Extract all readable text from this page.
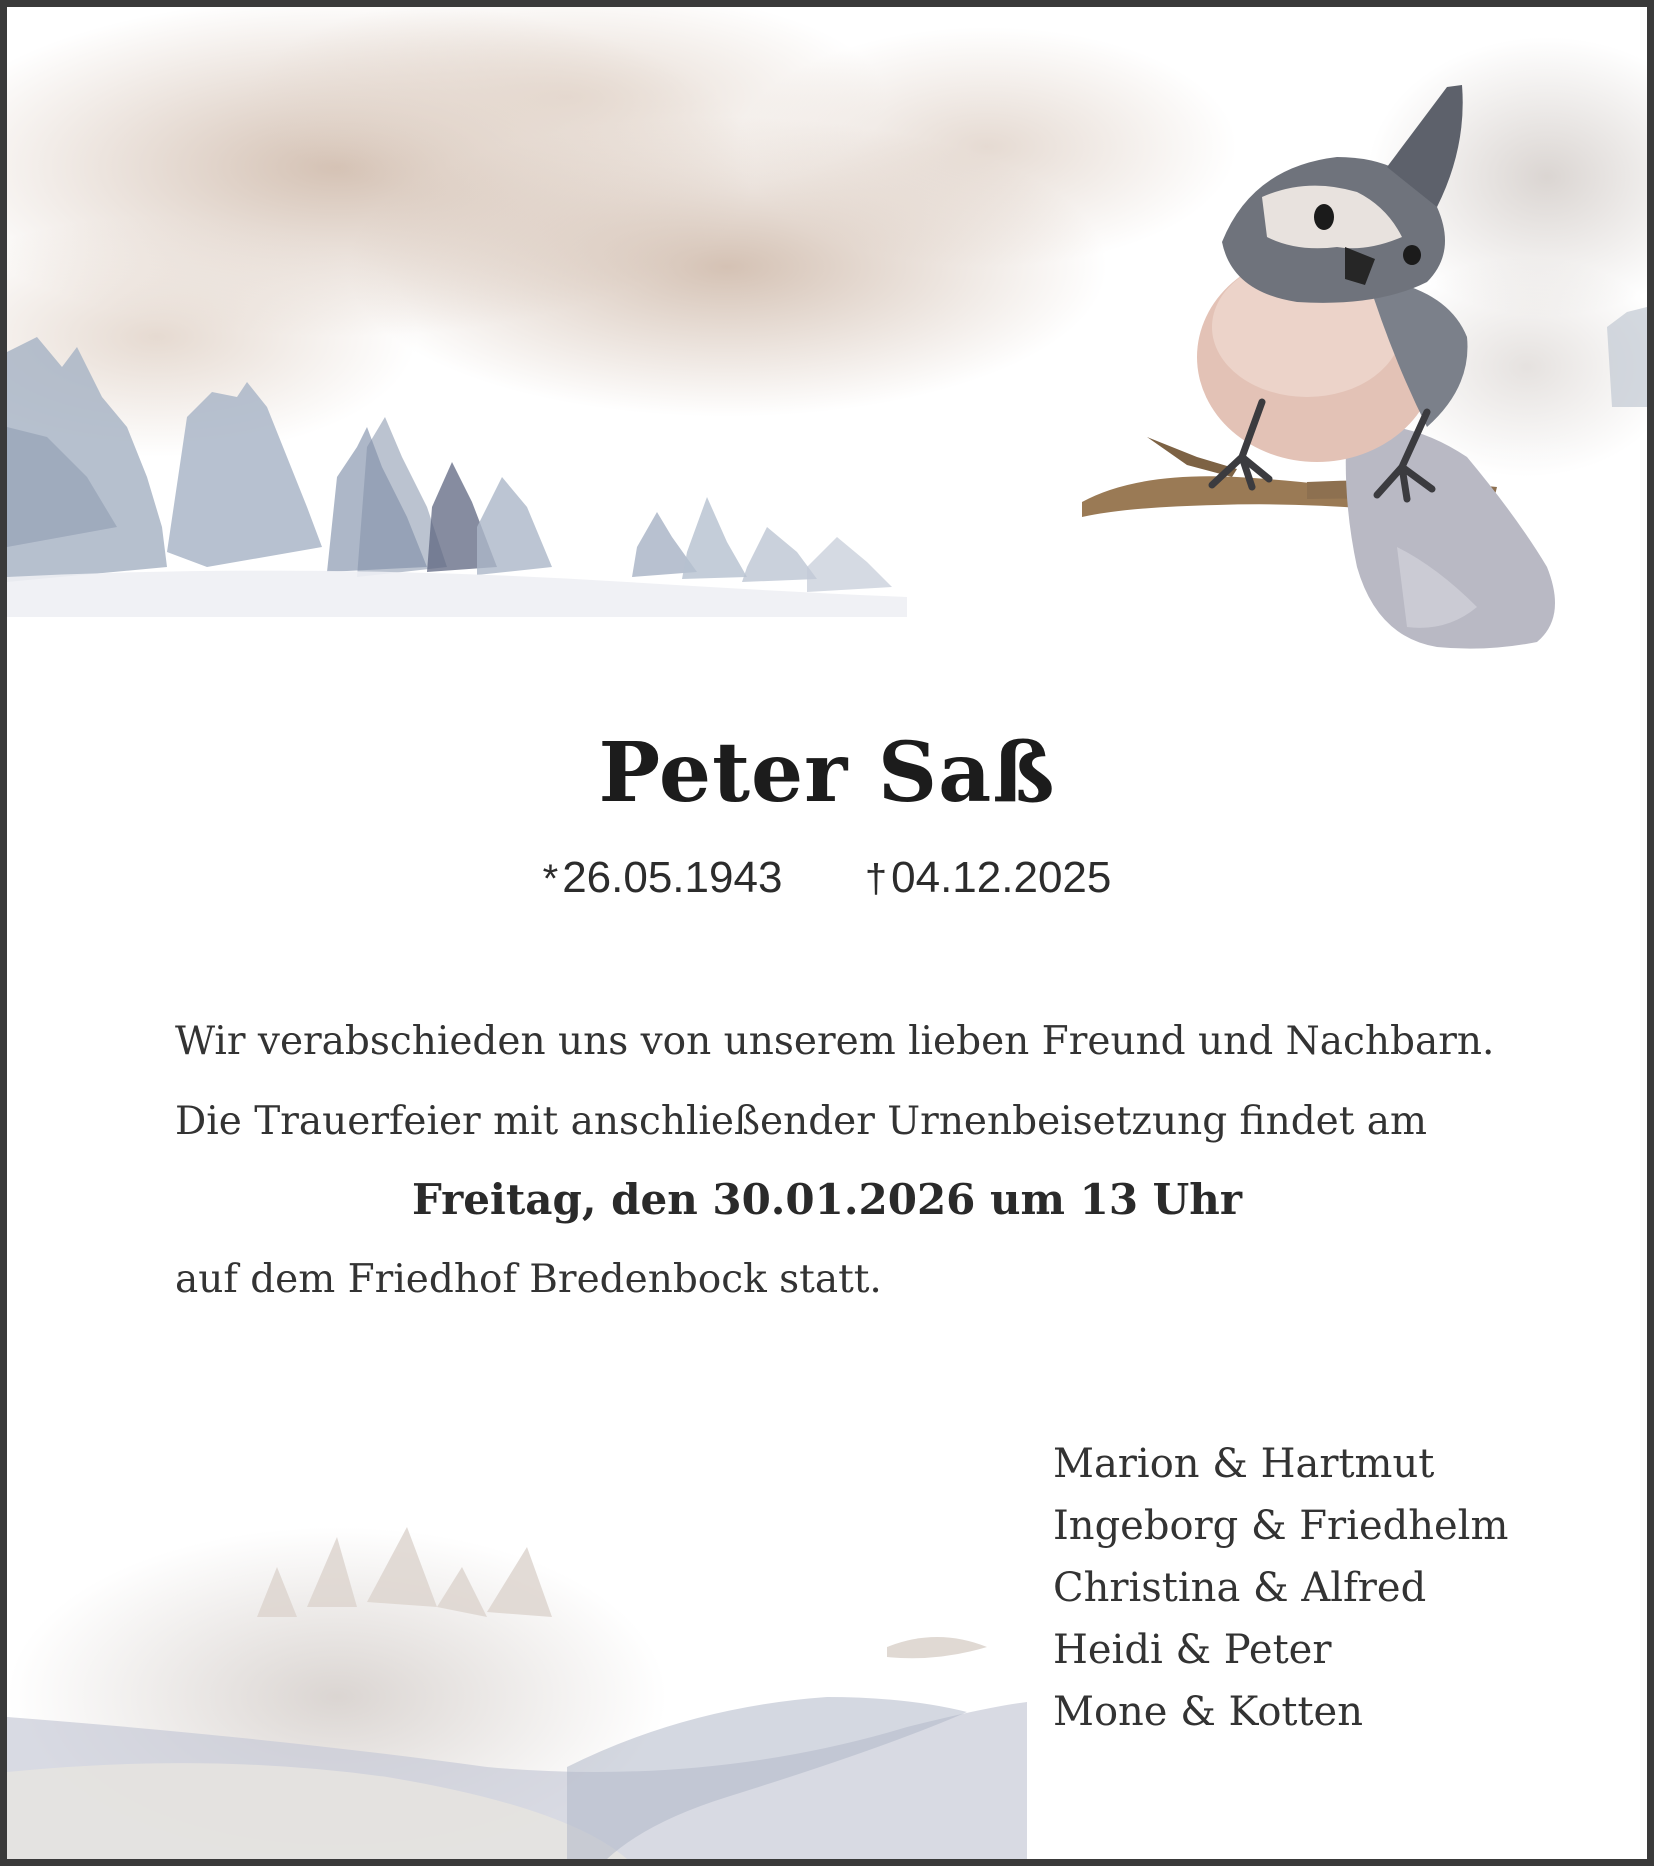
Peter Saß
*26.05.1943 †04.12.2025
Wir verabschieden uns von unserem lieben Freund und Nachbarn.
Die Trauerfeier mit anschließender Urnenbeisetzung findet am
Freitag, den 30.01.2026 um 13 Uhr
auf dem Friedhof Bredenbock statt.
Marion & Hartmut
Ingeborg & Friedhelm
Christina & Alfred
Heidi & Peter
Mone & Kotten
